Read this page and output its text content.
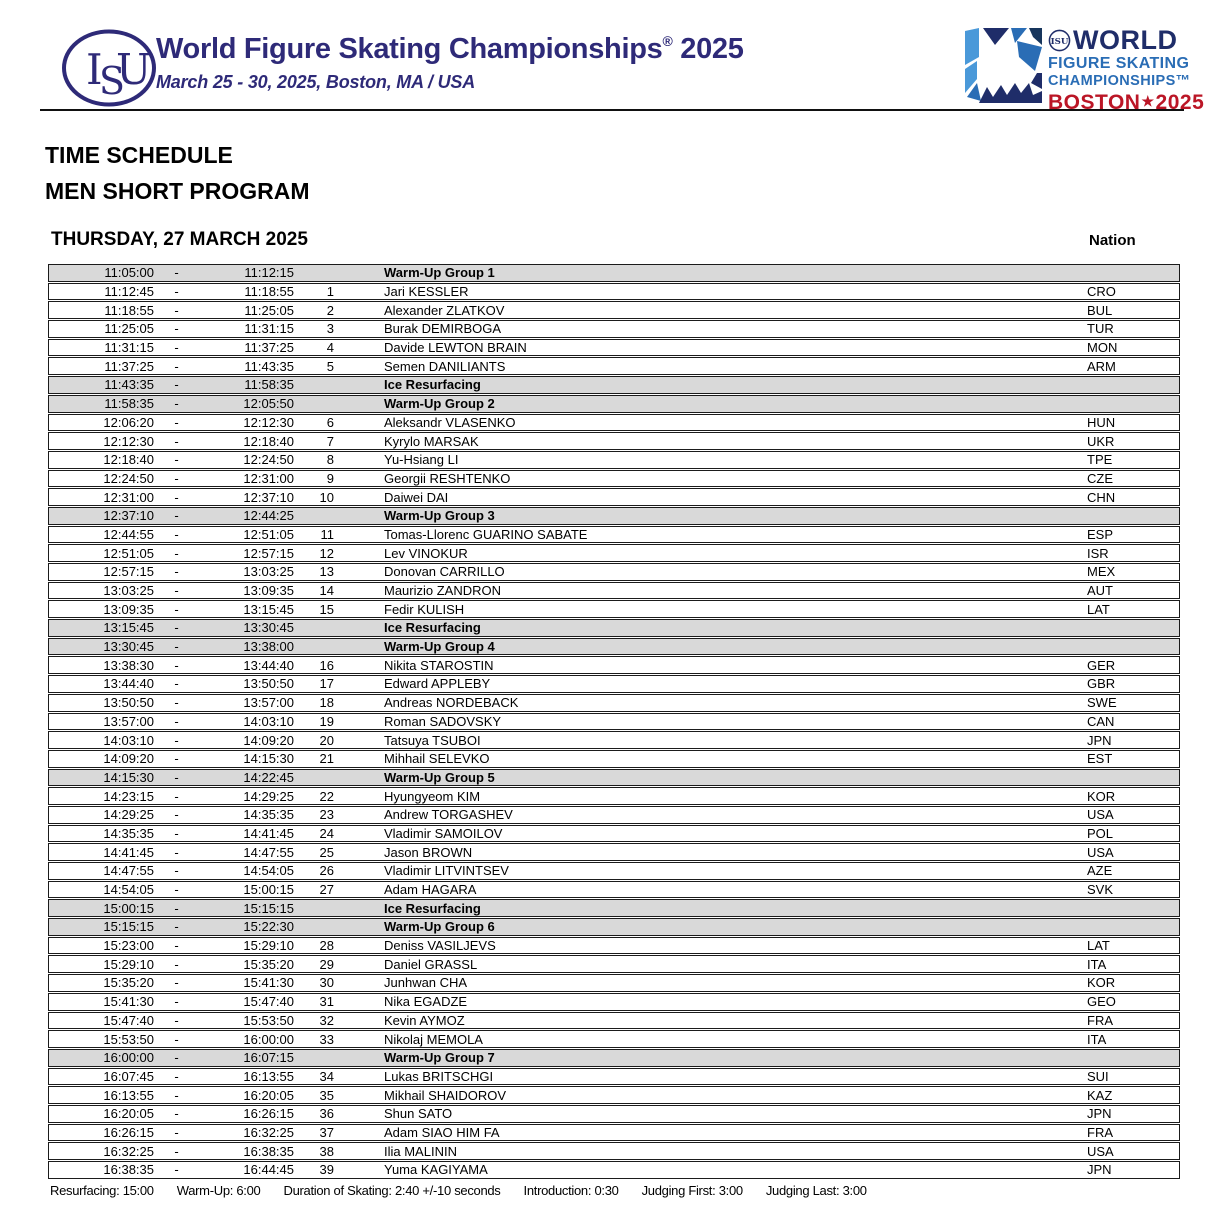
I
S
U World Figure Skating Championships® 2025
March 25 - 30, 2025, Boston, MA / USA
ISU WORLD
FIGURE SKATING
CHAMPIONSHIPS™
BOSTON★2025
TIME SCHEDULE
MEN SHORT PROGRAM
THURSDAY, 27 MARCH 2025	Nation
11:05:00	-	11:12:15	Warm-Up Group 1
11:12:45	-	11:18:55	1	Jari KESSLER	CRO
11:18:55	-	11:25:05	2	Alexander ZLATKOV	BUL
11:25:05	-	11:31:15	3	Burak DEMIRBOGA	TUR
11:31:15	-	11:37:25	4	Davide LEWTON BRAIN	MON
11:37:25	-	11:43:35	5	Semen DANILIANTS	ARM
11:43:35	-	11:58:35	Ice Resurfacing
11:58:35	-	12:05:50	Warm-Up Group 2
12:06:20	-	12:12:30	6	Aleksandr VLASENKO	HUN
12:12:30	-	12:18:40	7	Kyrylo MARSAK	UKR
12:18:40	-	12:24:50	8	Yu-Hsiang LI	TPE
12:24:50	-	12:31:00	9	Georgii RESHTENKO	CZE
12:31:00	-	12:37:10	10	Daiwei DAI	CHN
12:37:10	-	12:44:25	Warm-Up Group 3
12:44:55	-	12:51:05	11	Tomas-Llorenc GUARINO SABATE	ESP
12:51:05	-	12:57:15	12	Lev VINOKUR	ISR
12:57:15	-	13:03:25	13	Donovan CARRILLO	MEX
13:03:25	-	13:09:35	14	Maurizio ZANDRON	AUT
13:09:35	-	13:15:45	15	Fedir KULISH	LAT
13:15:45	-	13:30:45	Ice Resurfacing
13:30:45	-	13:38:00	Warm-Up Group 4
13:38:30	-	13:44:40	16	Nikita STAROSTIN	GER
13:44:40	-	13:50:50	17	Edward APPLEBY	GBR
13:50:50	-	13:57:00	18	Andreas NORDEBACK	SWE
13:57:00	-	14:03:10	19	Roman SADOVSKY	CAN
14:03:10	-	14:09:20	20	Tatsuya TSUBOI	JPN
14:09:20	-	14:15:30	21	Mihhail SELEVKO	EST
14:15:30	-	14:22:45	Warm-Up Group 5
14:23:15	-	14:29:25	22	Hyungyeom KIM	KOR
14:29:25	-	14:35:35	23	Andrew TORGASHEV	USA
14:35:35	-	14:41:45	24	Vladimir SAMOILOV	POL
14:41:45	-	14:47:55	25	Jason BROWN	USA
14:47:55	-	14:54:05	26	Vladimir LITVINTSEV	AZE
14:54:05	-	15:00:15	27	Adam HAGARA	SVK
15:00:15	-	15:15:15	Ice Resurfacing
15:15:15	-	15:22:30	Warm-Up Group 6
15:23:00	-	15:29:10	28	Deniss VASILJEVS	LAT
15:29:10	-	15:35:20	29	Daniel GRASSL	ITA
15:35:20	-	15:41:30	30	Junhwan CHA	KOR
15:41:30	-	15:47:40	31	Nika EGADZE	GEO
15:47:40	-	15:53:50	32	Kevin AYMOZ	FRA
15:53:50	-	16:00:00	33	Nikolaj MEMOLA	ITA
16:00:00	-	16:07:15	Warm-Up Group 7
16:07:45	-	16:13:55	34	Lukas BRITSCHGI	SUI
16:13:55	-	16:20:05	35	Mikhail SHAIDOROV	KAZ
16:20:05	-	16:26:15	36	Shun SATO	JPN
16:26:15	-	16:32:25	37	Adam SIAO HIM FA	FRA
16:32:25	-	16:38:35	38	Ilia MALININ	USA
16:38:35	-	16:44:45	39	Yuma KAGIYAMA	JPN
Resurfacing: 15:00 Warm-Up: 6:00 Duration of Skating: 2:40 +/-10 seconds Introduction: 0:30 Judging First: 3:00 Judging Last: 3:00
